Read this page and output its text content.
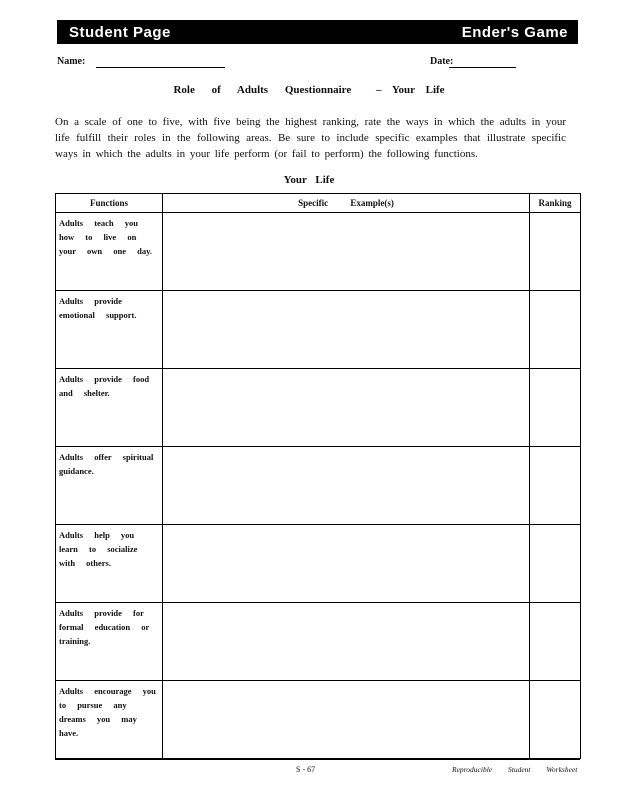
Student Page	Ender's Game
Name:	Date:
Role of Adults Questionnaire – Your Life
On a scale of one to five, with five being the highest ranking, rate the ways in which the adults in your life fulfill their roles in the following areas. Be sure to include specific examples that illustrate specific ways in which the adults in your life perform (or fail to perform) the following functions.
Your Life
Functions	Specific Example(s)	Ranking
Adults teach you how to live on your own one day.		
Adults provide emotional support.		
Adults provide food and shelter.		
Adults offer spiritual guidance.		
Adults help you learn to socialize with others.		
Adults provide for formal education or training.		
Adults encourage you to pursue any dreams you may have.		
S - 67	Reproducible Student Worksheet
